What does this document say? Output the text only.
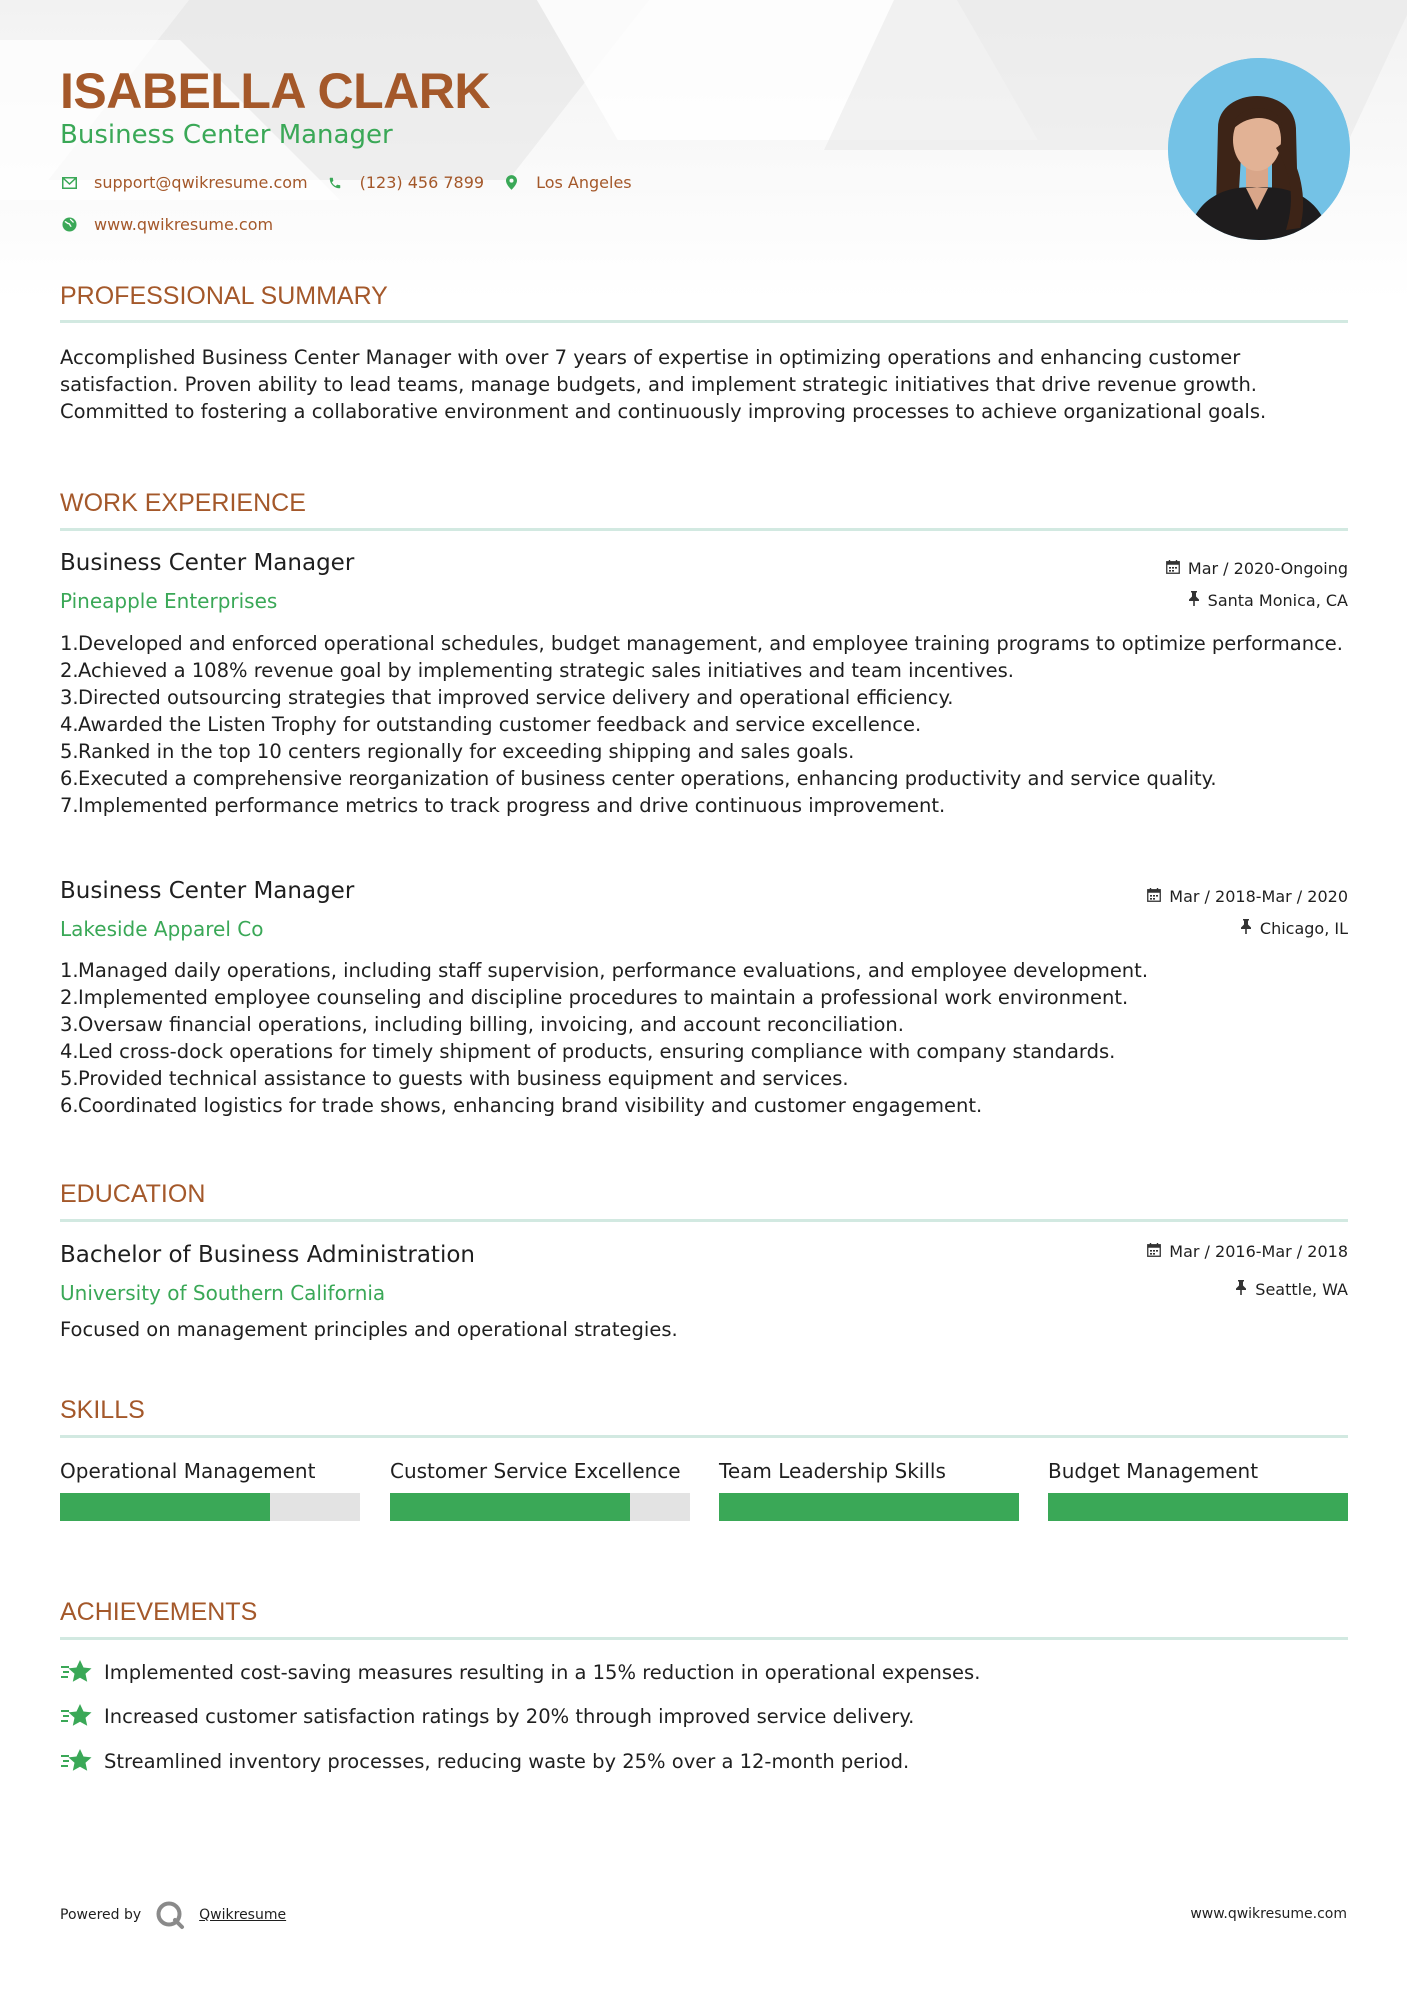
ISABELLA CLARK
Business Center Manager
support@qwikresume.com	(123) 456 7899	Los Angeles
www.qwikresume.com
PROFESSIONAL SUMMARY
Accomplished Business Center Manager with over 7 years of expertise in optimizing operations and enhancing customer satisfaction. Proven ability to lead teams, manage budgets, and implement strategic initiatives that drive revenue growth. Committed to fostering a collaborative environment and continuously improving processes to achieve organizational goals.
WORK EXPERIENCE
Business Center Manager
Pineapple Enterprises
Mar / 2020-Ongoing
Santa Monica, CA
1. Developed and enforced operational schedules, budget management, and employee training programs to optimize performance.
2. Achieved a 108% revenue goal by implementing strategic sales initiatives and team incentives.
3. Directed outsourcing strategies that improved service delivery and operational efficiency.
4. Awarded the Listen Trophy for outstanding customer feedback and service excellence.
5. Ranked in the top 10 centers regionally for exceeding shipping and sales goals.
6. Executed a comprehensive reorganization of business center operations, enhancing productivity and service quality.
7. Implemented performance metrics to track progress and drive continuous improvement.
Business Center Manager
Lakeside Apparel Co
Mar / 2018-Mar / 2020
Chicago, IL
1. Managed daily operations, including staff supervision, performance evaluations, and employee development.
2. Implemented employee counseling and discipline procedures to maintain a professional work environment.
3. Oversaw financial operations, including billing, invoicing, and account reconciliation.
4. Led cross-dock operations for timely shipment of products, ensuring compliance with company standards.
5. Provided technical assistance to guests with business equipment and services.
6. Coordinated logistics for trade shows, enhancing brand visibility and customer engagement.
EDUCATION
Bachelor of Business Administration
University of Southern California
Mar / 2016-Mar / 2018
Seattle, WA
Focused on management principles and operational strategies.
SKILLS
Operational Management	Customer Service Excellence	Team Leadership Skills	Budget Management
ACHIEVEMENTS
Implemented cost-saving measures resulting in a 15% reduction in operational expenses.
Increased customer satisfaction ratings by 20% through improved service delivery.
Streamlined inventory processes, reducing waste by 25% over a 12-month period.
Powered by	Qwikresume	www.qwikresume.com
